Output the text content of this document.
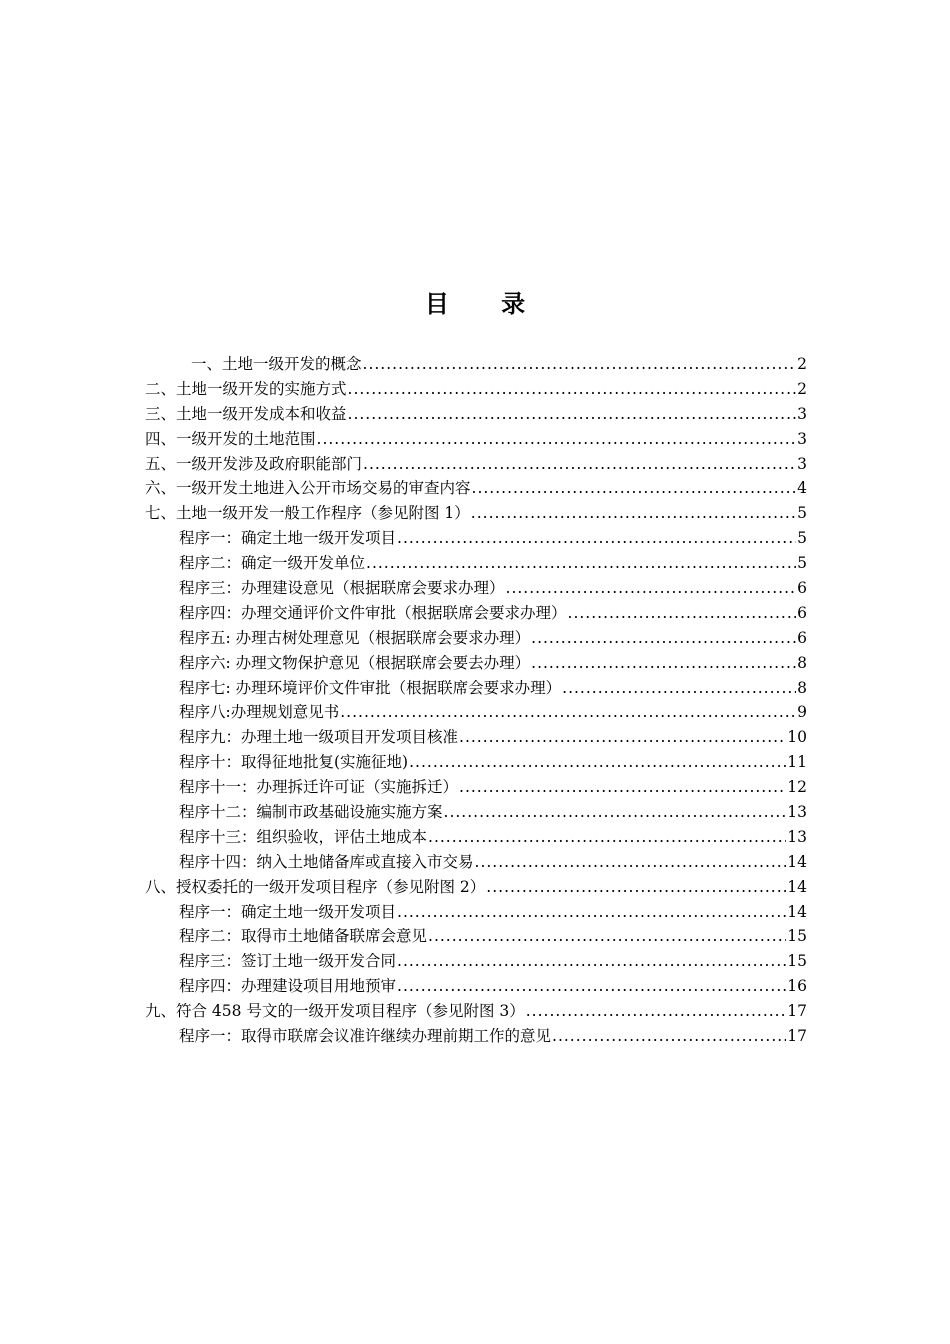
目 录
一、土地一级开发的概念 .....	2
二、土地一级开发的实施方式 .....	2
三、土地一级开发成本和收益 .....	3
四、一级开发的土地范围 .....	3
五、一级开发涉及政府职能部门 .....	3
六、一级开发土地进入公开市场交易的审查内容 .....	4
七、土地一级开发一般工作程序（参见附图 1） .....	5
程序一：确定土地一级开发项目 .....	5
程序二：确定一级开发单位 .....	5
程序三：办理建设意见（根据联席会要求办理） .....	6
程序四：办理交通评价文件审批（根据联席会要求办理） .....	6
程序五: 办理古树处理意见（根据联席会要求办理） .....	6
程序六: 办理文物保护意见（根据联席会要去办理） .....	8
程序七: 办理环境评价文件审批（根据联席会要求办理） .....	8
程序八:办理规划意见书 .....	9
程序九：办理土地一级项目开发项目核准 .....	10
程序十：取得征地批复(实施征地) .....	11
程序十一：办理拆迁许可证（实施拆迁） .....	12
程序十二：编制市政基础设施实施方案 .....	13
程序十三：组织验收，评估土地成本 .....	13
程序十四：纳入土地储备库或直接入市交易 .....	14
八、授权委托的一级开发项目程序（参见附图 2） .....	14
程序一：确定土地一级开发项目 .....	14
程序二：取得市土地储备联席会意见 .....	15
程序三：签订土地一级开发合同 .....	15
程序四：办理建设项目用地预审 .....	16
九、符合 458 号文的一级开发项目程序（参见附图 3） .....	17
程序一：取得市联席会议准许继续办理前期工作的意见 .....	17
